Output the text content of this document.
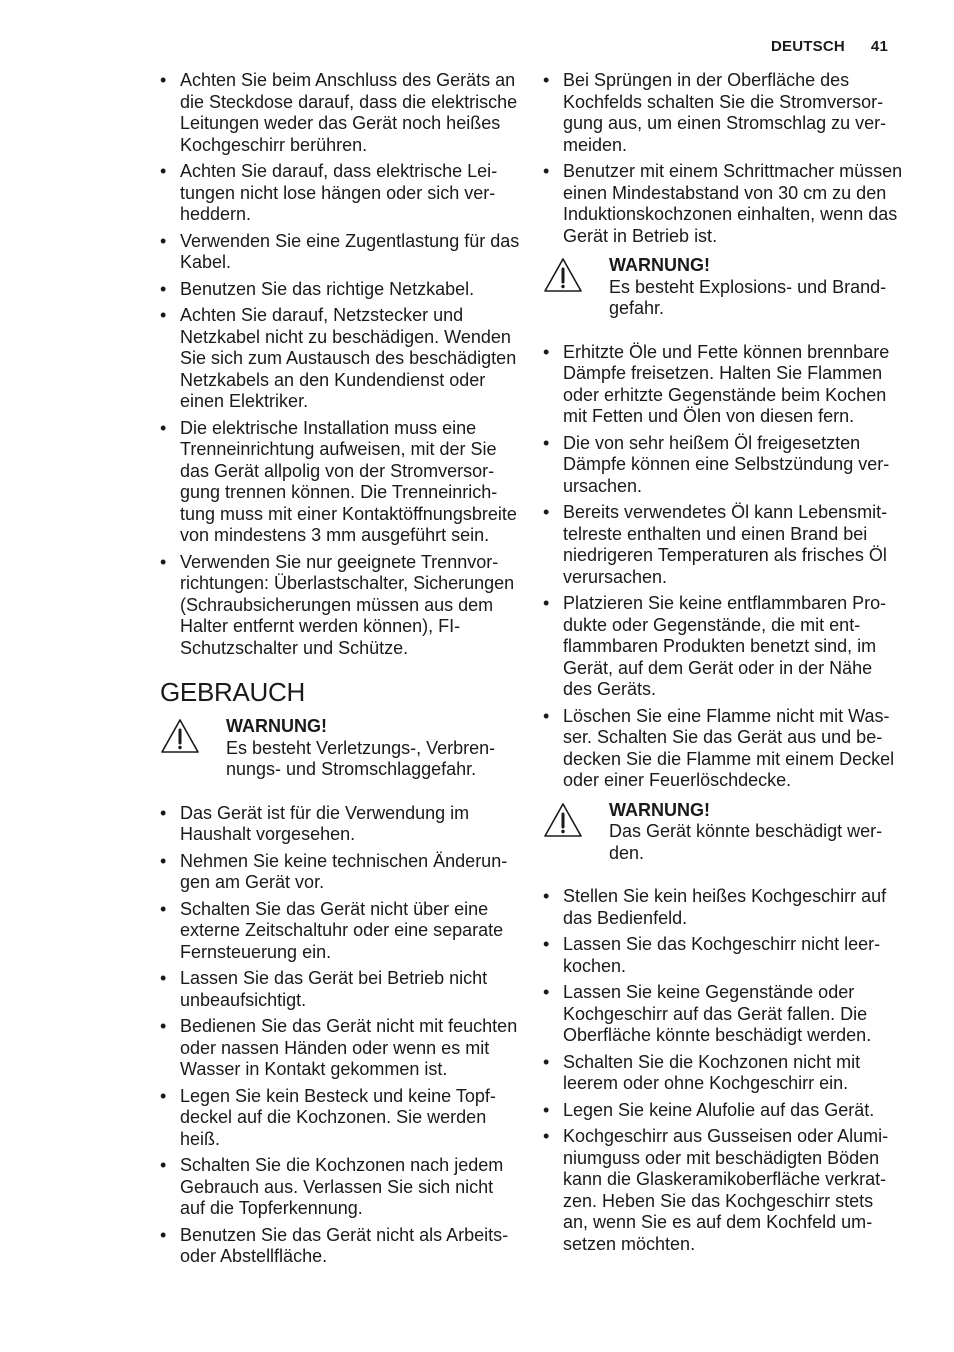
DEUTSCH 41
• Achten Sie beim Anschluss des Geräts an die Steckdose darauf, dass die elektrische Leitungen weder das Gerät noch heißes Kochgeschirr berühren.
• Achten Sie darauf, dass elektrische Leitungen nicht lose hängen oder sich verheddern.
• Verwenden Sie eine Zugentlastung für das Kabel.
• Benutzen Sie das richtige Netzkabel.
• Achten Sie darauf, Netzstecker und Netzkabel nicht zu beschädigen. Wenden Sie sich zum Austausch des beschädigten Netzkabels an den Kundendienst oder einen Elektriker.
• Die elektrische Installation muss eine Trenneinrichtung aufweisen, mit der Sie das Gerät allpolig von der Stromversorgung trennen können. Die Trenneinrichtung muss mit einer Kontaktöffnungsbreite von mindestens 3 mm ausgeführt sein.
• Verwenden Sie nur geeignete Trennvorrichtungen: Überlastschalter, Sicherungen (Schraubsicherungen müssen aus dem Halter entfernt werden können), FI-Schutzschalter und Schütze.
GEBRAUCH
WARNUNG!
Es besteht Verletzungs-, Verbrennungs- und Stromschlaggefahr.
• Das Gerät ist für die Verwendung im Haushalt vorgesehen.
• Nehmen Sie keine technischen Änderungen am Gerät vor.
• Schalten Sie das Gerät nicht über eine externe Zeitschaltuhr oder eine separate Fernsteuerung ein.
• Lassen Sie das Gerät bei Betrieb nicht unbeaufsichtigt.
• Bedienen Sie das Gerät nicht mit feuchten oder nassen Händen oder wenn es mit Wasser in Kontakt gekommen ist.
• Legen Sie kein Besteck und keine Topfdeckel auf die Kochzonen. Sie werden heiß.
• Schalten Sie die Kochzonen nach jedem Gebrauch aus. Verlassen Sie sich nicht auf die Topferkennung.
• Benutzen Sie das Gerät nicht als Arbeits- oder Abstellfläche.
• Bei Sprüngen in der Oberfläche des Kochfelds schalten Sie die Stromversorgung aus, um einen Stromschlag zu vermeiden.
• Benutzer mit einem Schrittmacher müssen einen Mindestabstand von 30 cm zu den Induktionskochzonen einhalten, wenn das Gerät in Betrieb ist.
WARNUNG!
Es besteht Explosions- und Brandgefahr.
• Erhitzte Öle und Fette können brennbare Dämpfe freisetzen. Halten Sie Flammen oder erhitzte Gegenstände beim Kochen mit Fetten und Ölen von diesen fern.
• Die von sehr heißem Öl freigesetzten Dämpfe können eine Selbstzündung verursachen.
• Bereits verwendetes Öl kann Lebensmittelreste enthalten und einen Brand bei niedrigeren Temperaturen als frisches Öl verursachen.
• Platzieren Sie keine entflammbaren Produkte oder Gegenstände, die mit entflammbaren Produkten benetzt sind, im Gerät, auf dem Gerät oder in der Nähe des Geräts.
• Löschen Sie eine Flamme nicht mit Wasser. Schalten Sie das Gerät aus und bedecken Sie die Flamme mit einem Deckel oder einer Feuerlöschdecke.
WARNUNG!
Das Gerät könnte beschädigt werden.
• Stellen Sie kein heißes Kochgeschirr auf das Bedienfeld.
• Lassen Sie das Kochgeschirr nicht leerkochen.
• Lassen Sie keine Gegenstände oder Kochgeschirr auf das Gerät fallen. Die Oberfläche könnte beschädigt werden.
• Schalten Sie die Kochzonen nicht mit leerem oder ohne Kochgeschirr ein.
• Legen Sie keine Alufolie auf das Gerät.
• Kochgeschirr aus Gusseisen oder Aluminiumguss oder mit beschädigten Böden kann die Glaskeramikoberfläche verkratzen. Heben Sie das Kochgeschirr stets an, wenn Sie es auf dem Kochfeld umsetzen möchten.
